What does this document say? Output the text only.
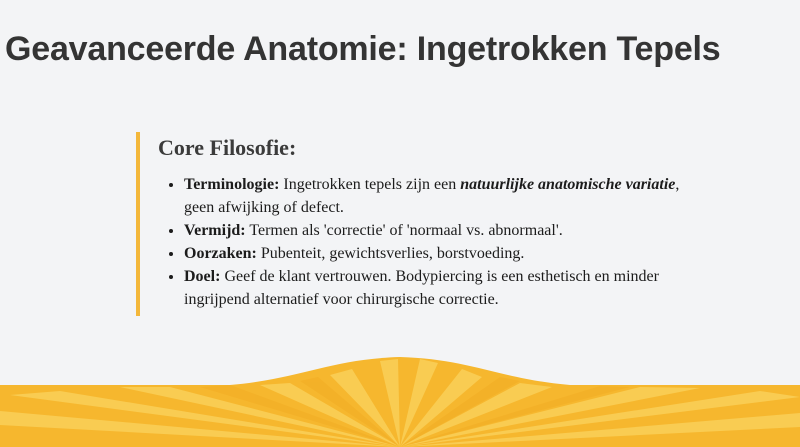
Geavanceerde Anatomie: Ingetrokken Tepels
Core Filosofie:
• Terminologie: Ingetrokken tepels zijn een natuurlijke anatomische variatie, geen afwijking of defect.
• Vermijd: Termen als 'correctie' of 'normaal vs. abnormaal'.
• Oorzaken: Pubenteit, gewichtsverlies, borstvoeding.
• Doel: Geef de klant vertrouwen. Bodypiercing is een esthetisch en minder ingrijpend alternatief voor chirurgische correctie.
